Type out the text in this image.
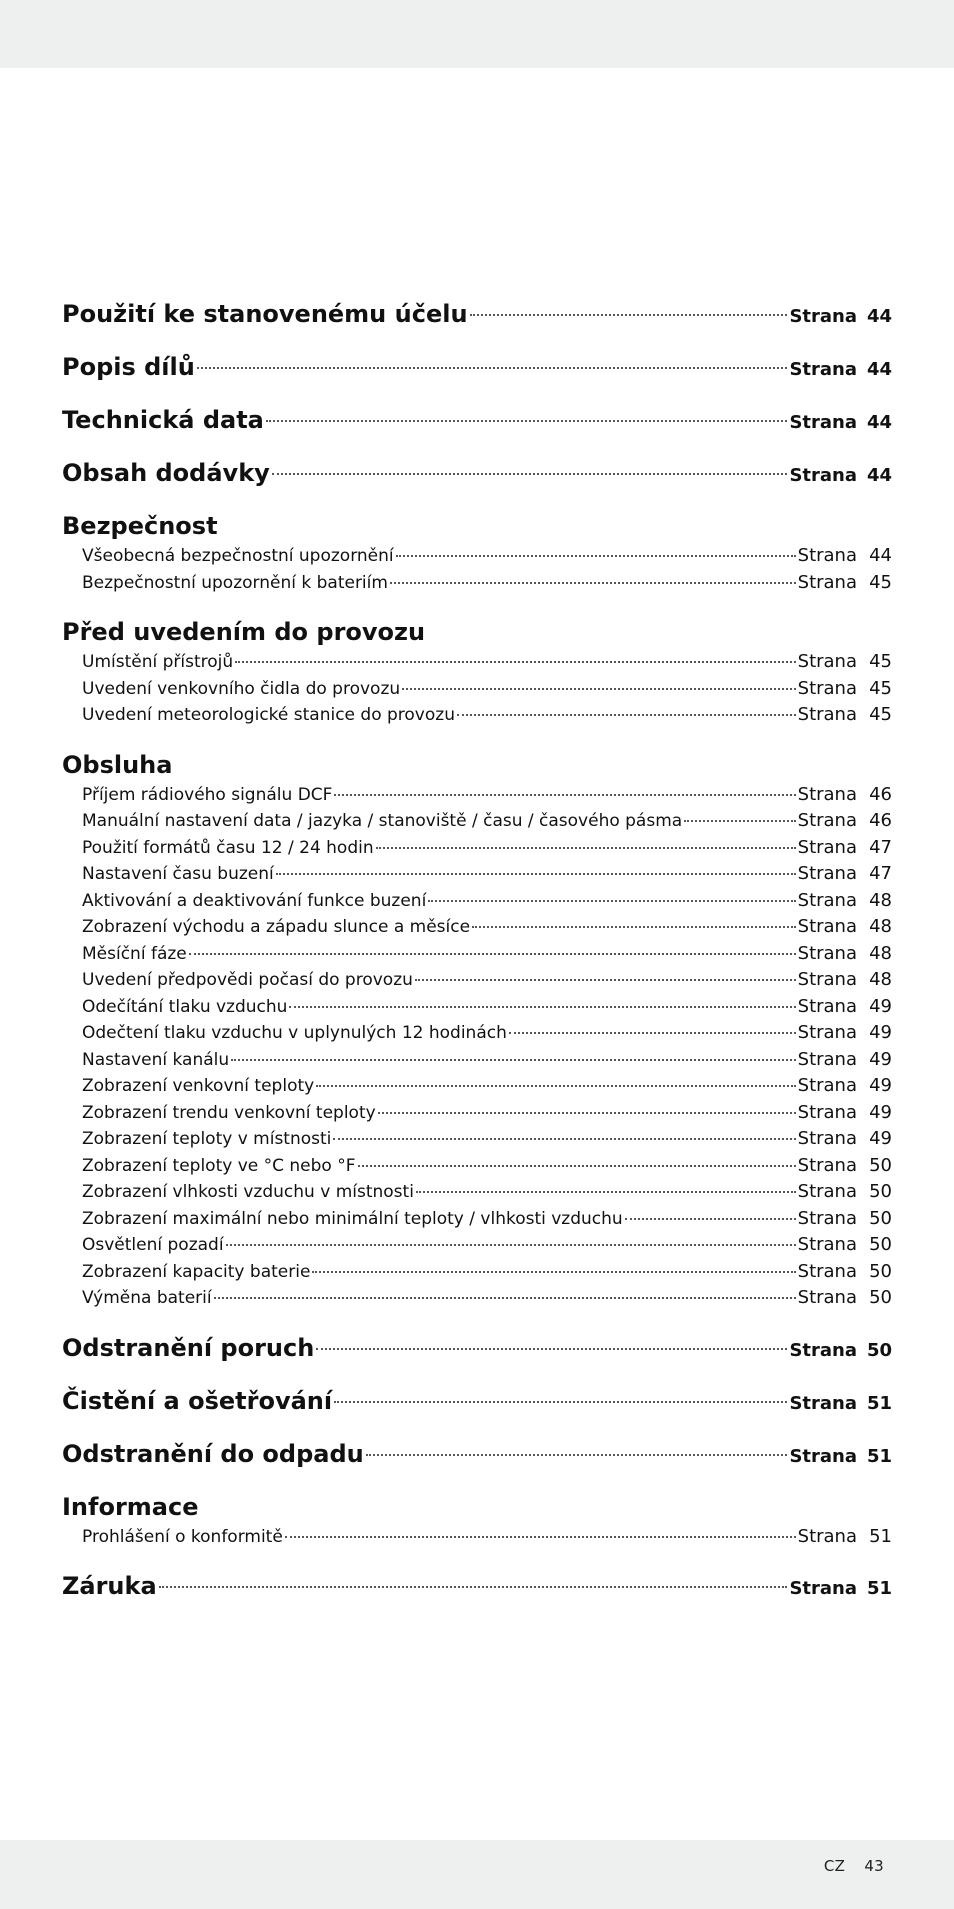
Použití ke stanovenému účelu	Strana 44
Popis dílů	Strana 44
Technická data	Strana 44
Obsah dodávky	Strana 44
Bezpečnost
Všeobecná bezpečnostní upozornění	Strana 44
Bezpečnostní upozornění k bateriím	Strana 45
Před uvedením do provozu
Umístění přístrojů	Strana 45
Uvedení venkovního čidla do provozu	Strana 45
Uvedení meteorologické stanice do provozu	Strana 45
Obsluha
Příjem rádiového signálu DCF	Strana 46
Manuální nastavení data / jazyka / stanoviště / času / časového pásma	Strana 46
Použití formátů času 12 / 24 hodin	Strana 47
Nastavení času buzení	Strana 47
Aktivování a deaktivování funkce buzení	Strana 48
Zobrazení východu a západu slunce a měsíce	Strana 48
Měsíční fáze	Strana 48
Uvedení předpovědi počasí do provozu	Strana 48
Odečítání tlaku vzduchu	Strana 49
Odečtení tlaku vzduchu v uplynulých 12 hodinách	Strana 49
Nastavení kanálu	Strana 49
Zobrazení venkovní teploty	Strana 49
Zobrazení trendu venkovní teploty	Strana 49
Zobrazení teploty v místnosti	Strana 49
Zobrazení teploty ve °C nebo °F	Strana 50
Zobrazení vlhkosti vzduchu v místnosti	Strana 50
Zobrazení maximální nebo minimální teploty / vlhkosti vzduchu	Strana 50
Osvětlení pozadí	Strana 50
Zobrazení kapacity baterie	Strana 50
Výměna baterií	Strana 50
Odstranění poruch	Strana 50
Čistění a ošetřování	Strana 51
Odstranění do odpadu	Strana 51
Informace
Prohlášení o konformitě	Strana 51
Záruka	Strana 51
CZ 43
